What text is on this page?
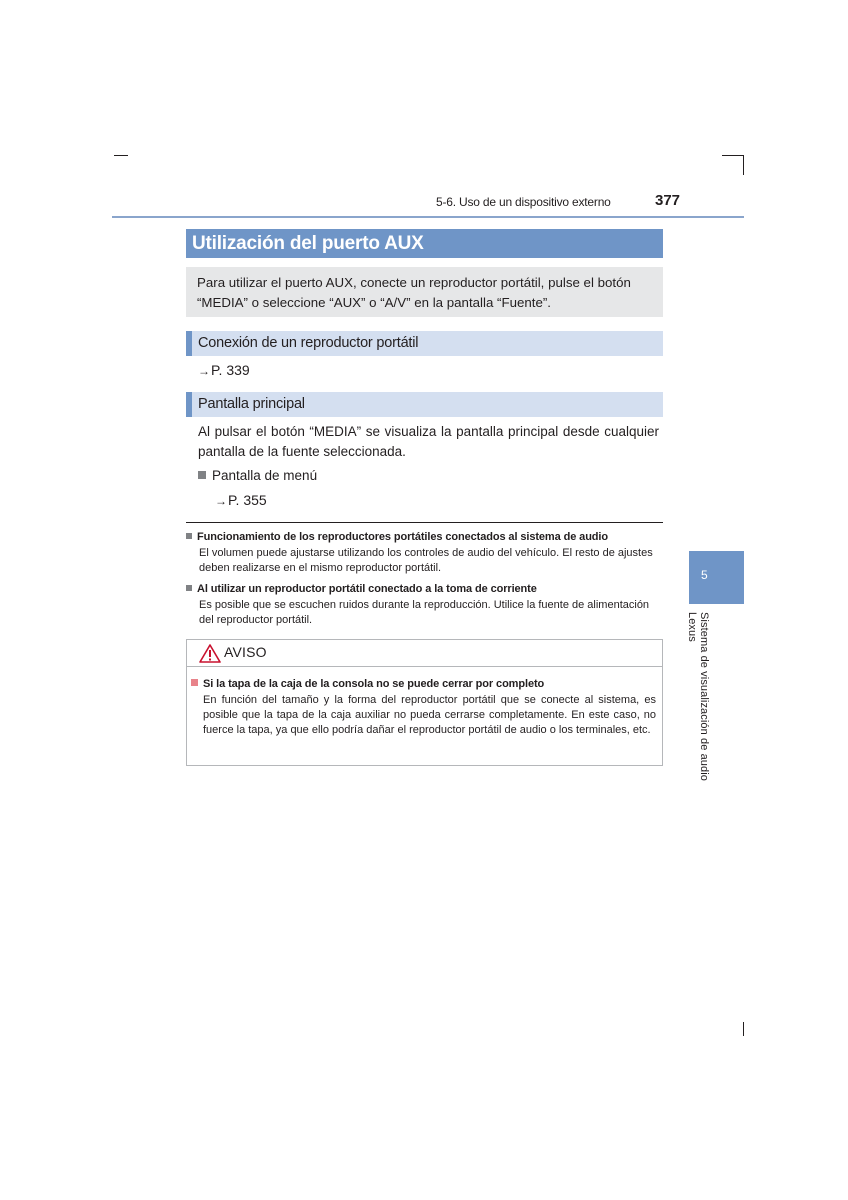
5-6. Uso de un dispositivo externo	377
Utilización del puerto AUX
Para utilizar el puerto AUX, conecte un reproductor portátil, pulse el botón “MEDIA” o seleccione “AUX” o “A/V” en la pantalla “Fuente”.
Conexión de un reproductor portátil
→P. 339
Pantalla principal
Al pulsar el botón “MEDIA” se visualiza la pantalla principal desde cualquier pantalla de la fuente seleccionada.
Pantalla de menú
→P. 355
Funcionamiento de los reproductores portátiles conectados al sistema de audio
El volumen puede ajustarse utilizando los controles de audio del vehículo. El resto de ajustes deben realizarse en el mismo reproductor portátil.
Al utilizar un reproductor portátil conectado a la toma de corriente
Es posible que se escuchen ruidos durante la reproducción. Utilice la fuente de alimentación del reproductor portátil.
AVISO
Si la tapa de la caja de la consola no se puede cerrar por completo
En función del tamaño y la forma del reproductor portátil que se conecte al sistema, es posible que la tapa de la caja auxiliar no pueda cerrarse completamente. En este caso, no fuerce la tapa, ya que ello podría dañar el reproductor portátil de audio o los terminales, etc.
5
Sistema de visualización de audio Lexus
